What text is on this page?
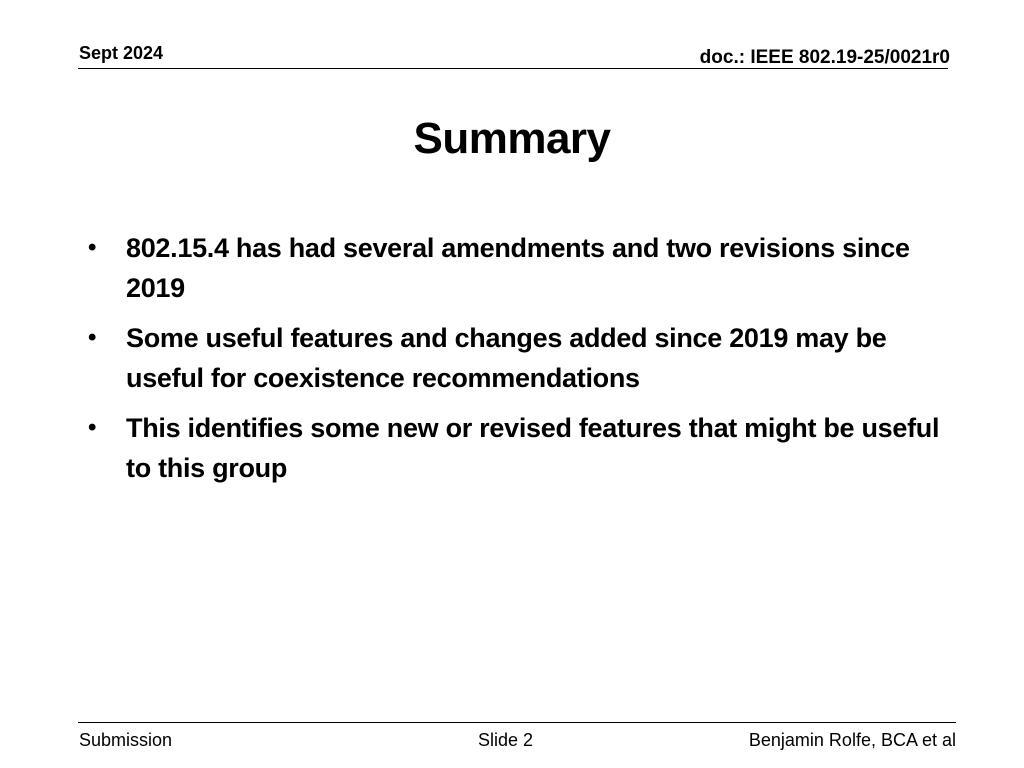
Sept 2024	doc.: IEEE 802.19-25/0021r0
Summary
• 802.15.4 has had several amendments and two revisions since 2019
• Some useful features and changes added since 2019 may be useful for coexistence recommendations
• This identifies some new or revised features that might be useful to this group
Submission	Slide 2	Benjamin Rolfe, BCA et al
